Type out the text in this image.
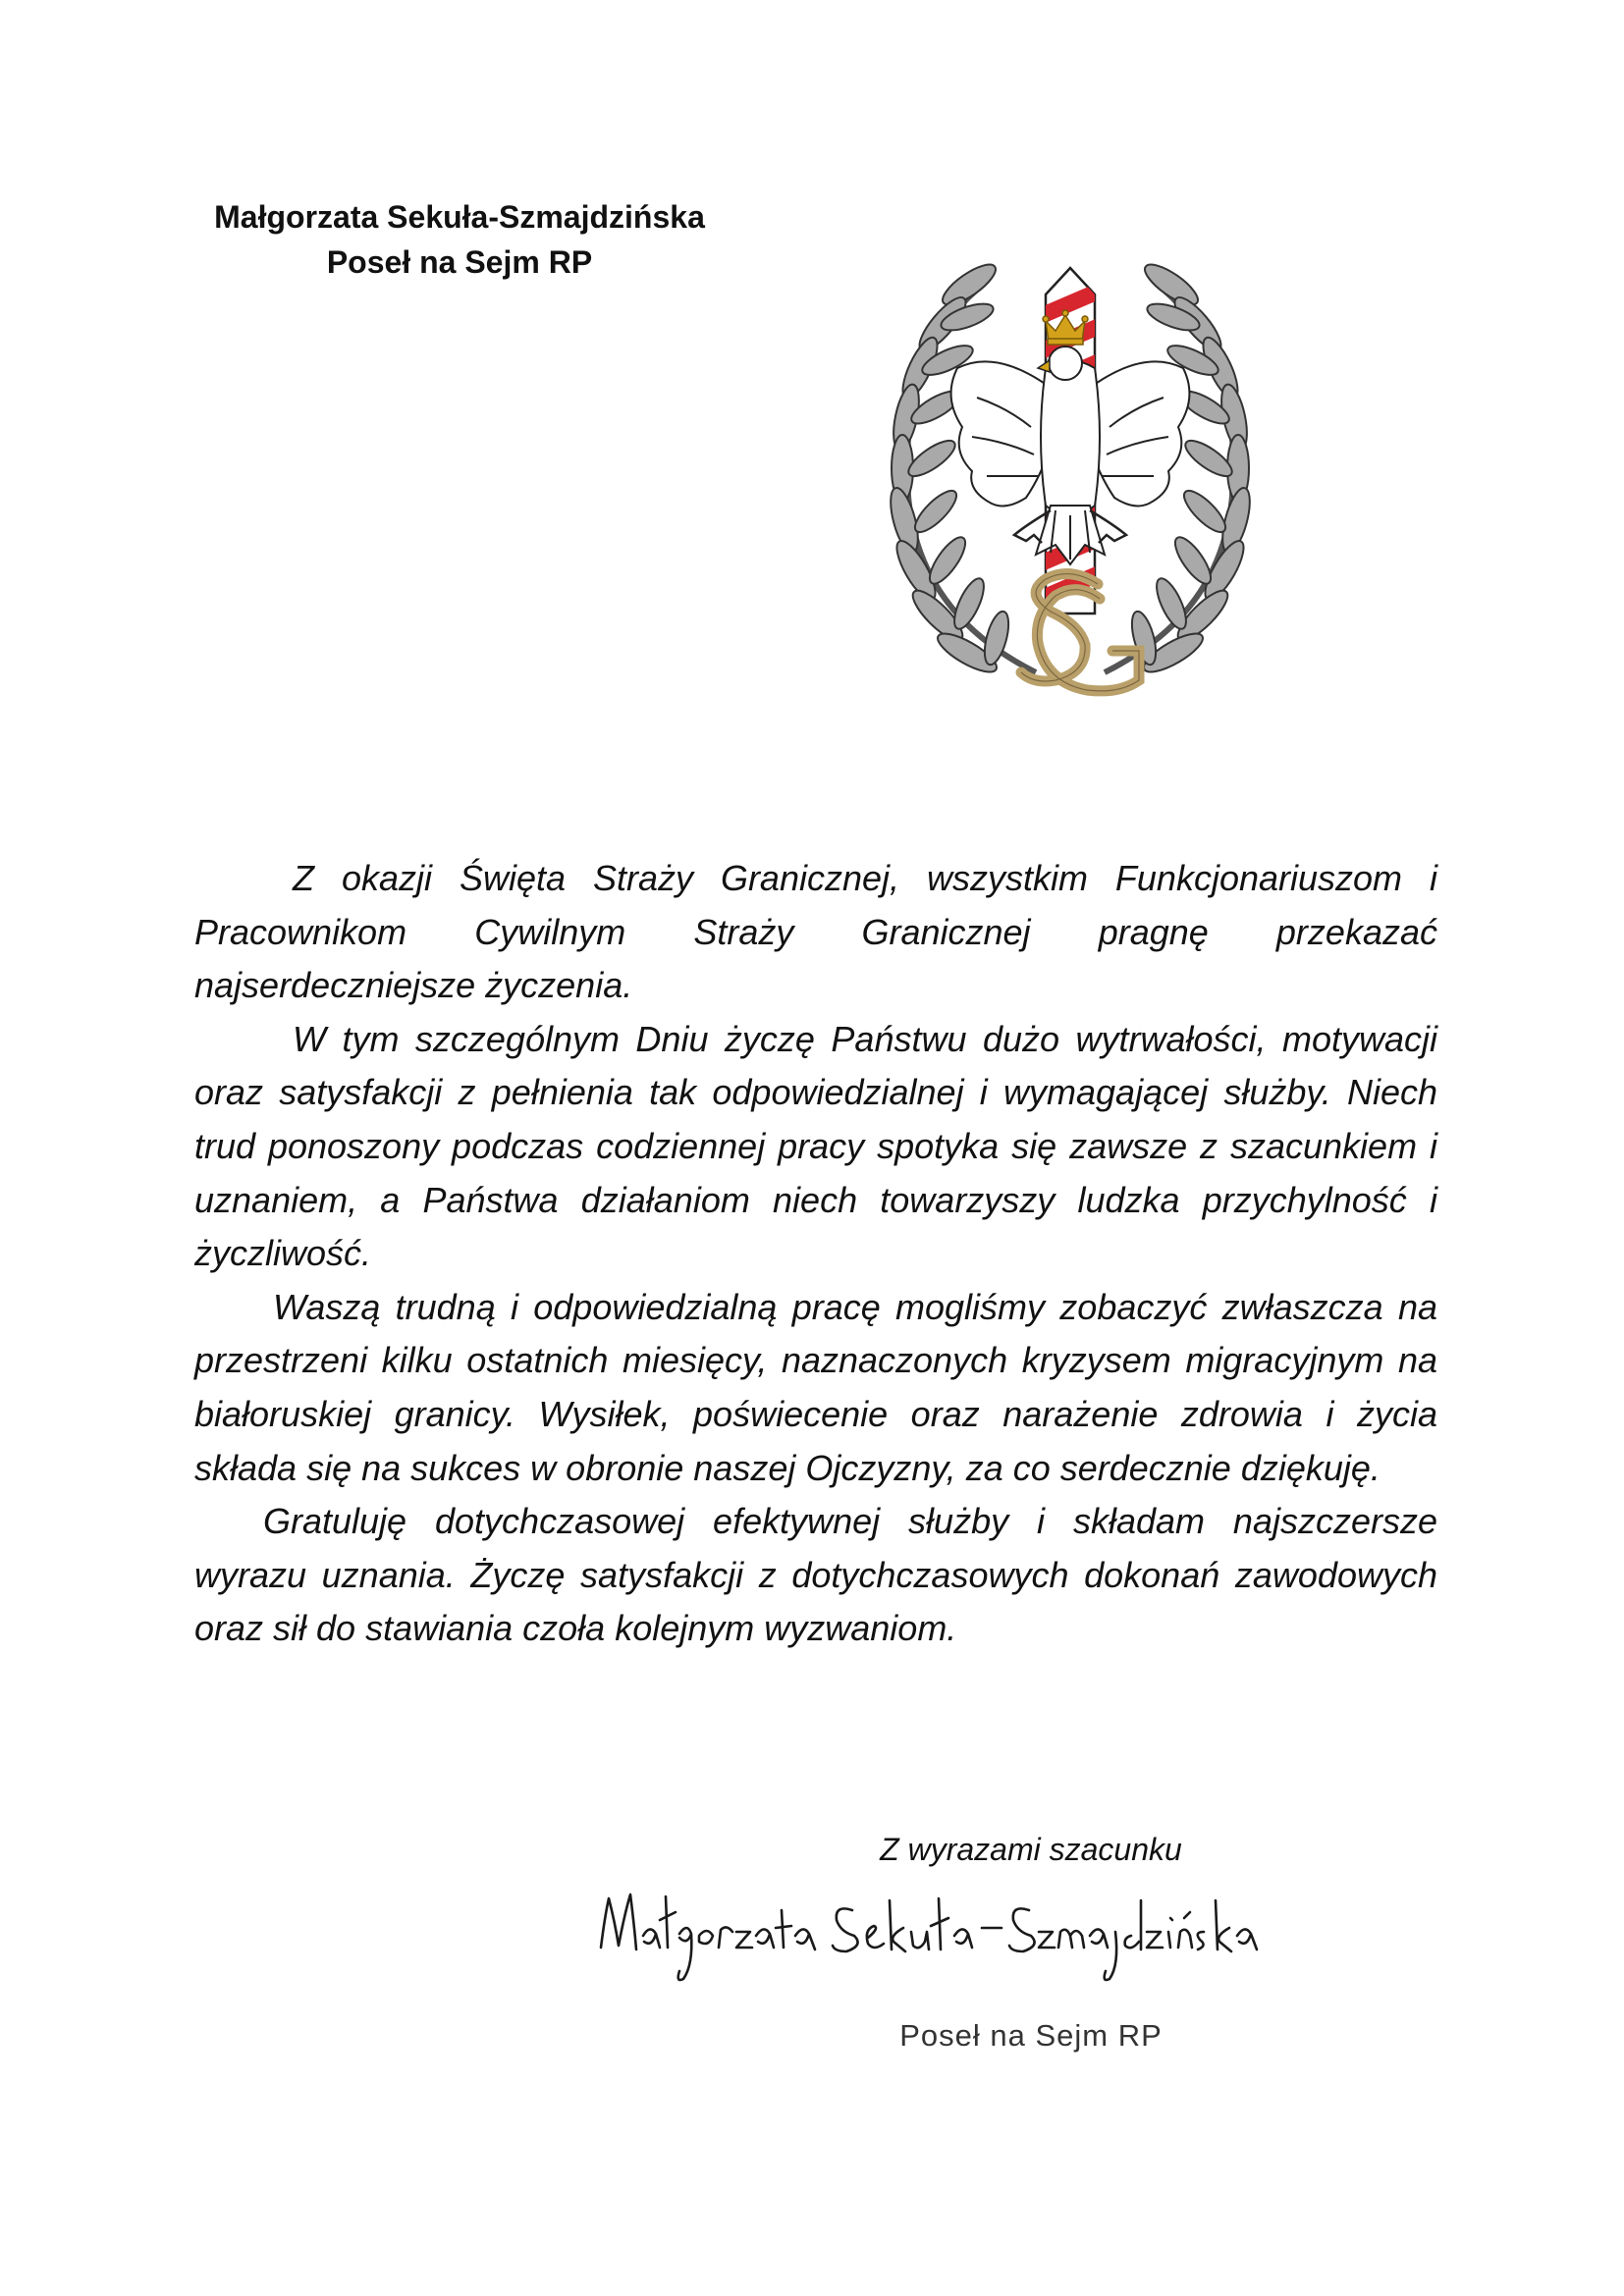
Małgorzata Sekuła-Szmajdzińska
Poseł na Sejm RP

Z okazji Święta Straży Granicznej, wszystkim Funkcjonariuszom i Pracownikom Cywilnym Straży Granicznej pragnę przekazać najserdeczniejsze życzenia.

W tym szczególnym Dniu życzę Państwu dużo wytrwałości, motywacji oraz satysfakcji z pełnienia tak odpowiedzialnej i wymagającej służby. Niech trud ponoszony podczas codziennej pracy spotyka się zawsze z szacunkiem i uznaniem, a Państwa działaniom niech towarzyszy ludzka przychylność i życzliwość.

Waszą trudną i odpowiedzialną pracę mogliśmy zobaczyć zwłaszcza na przestrzeni kilku ostatnich miesięcy, naznaczonych kryzysem migracyjnym na białoruskiej granicy. Wysiłek, poświecenie oraz narażenie zdrowia i życia składa się na sukces w obronie naszej Ojczyzny, za co serdecznie dziękuję.

Gratuluję dotychczasowej efektywnej służby i składam najszczersze wyrazu uznania. Życzę satysfakcji z dotychczasowych dokonań zawodowych oraz sił do stawiania czoła kolejnym wyzwaniom.

Z wyrazami szacunku
Poseł na Sejm RP
